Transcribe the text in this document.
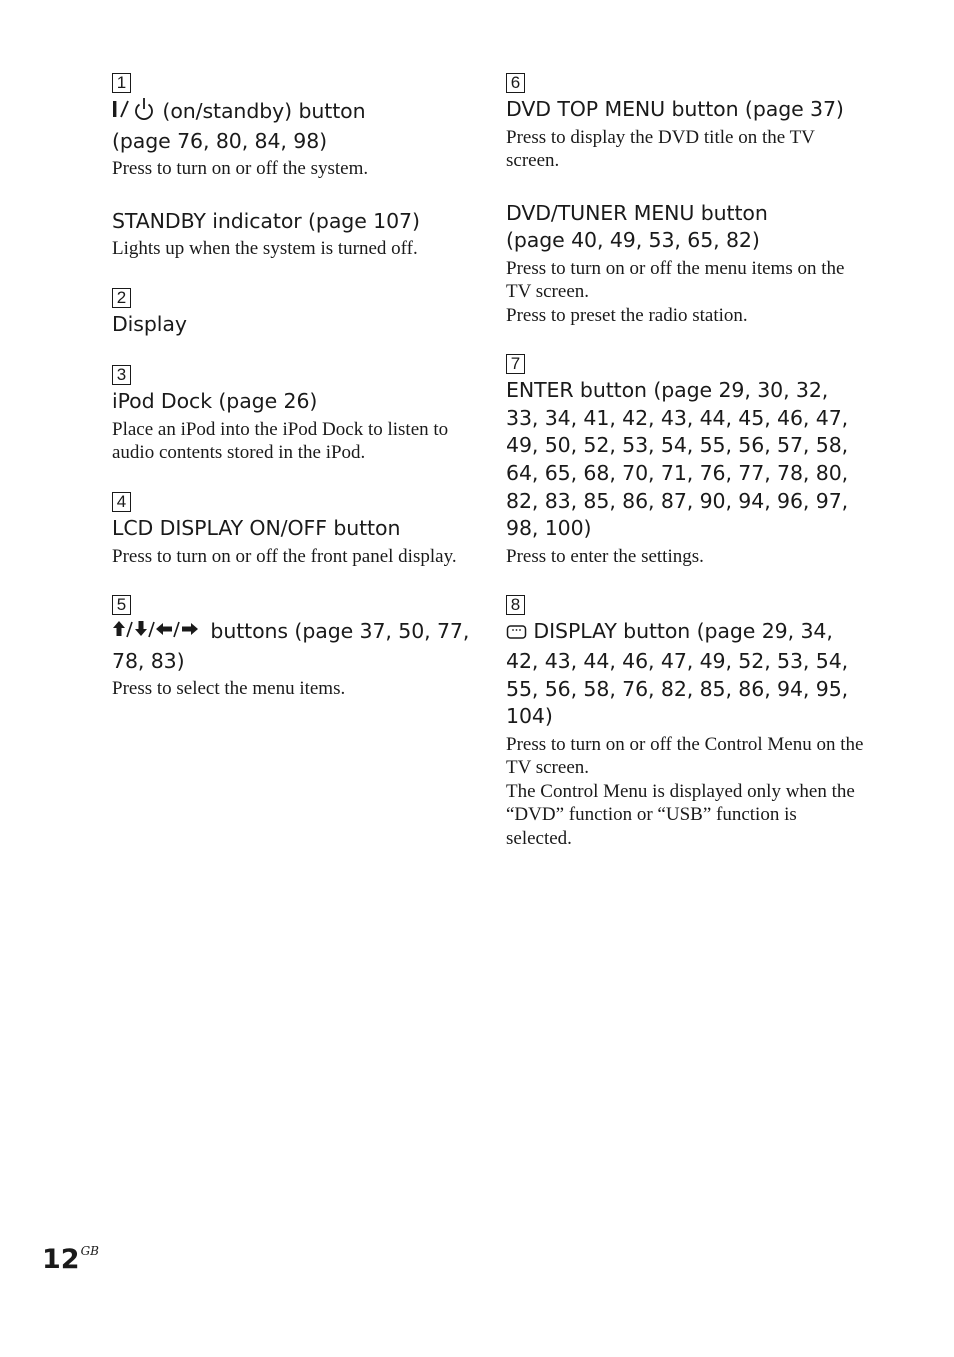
1
(on/standby) button
(page 76, 80, 84, 98)
Press to turn on or off the system.
STANDBY indicator (page 107)
Lights up when the system is turned off.
2
Display
3
iPod Dock (page 26)
Place an iPod into the iPod Dock to listen to audio contents stored in the iPod.
4
LCD DISPLAY ON/OFF button
Press to turn on or off the front panel display.
5
buttons (page 37, 50, 77, 78, 83)
Press to select the menu items.
6
DVD TOP MENU button (page 37)
Press to display the DVD title on the TV screen.
DVD/TUNER MENU button
(page 40, 49, 53, 65, 82)
Press to turn on or off the menu items on the TV screen.
Press to preset the radio station.
7
ENTER button (page 29, 30, 32, 33, 34, 41, 42, 43, 44, 45, 46, 47, 49, 50, 52, 53, 54, 55, 56, 57, 58, 64, 65, 68, 70, 71, 76, 77, 78, 80, 82, 83, 85, 86, 87, 90, 94, 96, 97, 98, 100)
Press to enter the settings.
8
DISPLAY button (page 29, 34, 42, 43, 44, 46, 47, 49, 52, 53, 54, 55, 56, 58, 76, 82, 85, 86, 94, 95, 104)
Press to turn on or off the Control Menu on the TV screen.
The Control Menu is displayed only when the “DVD” function or “USB” function is selected.
$12^{GB}$
